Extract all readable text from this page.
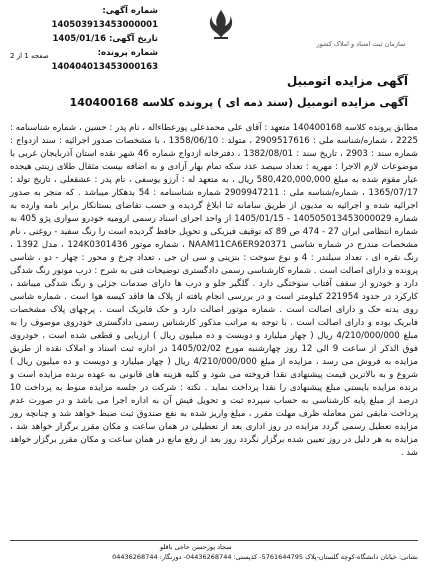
شماره آگهی: 140503913453000001
تاریخ آگهی: 1405/01/16
شماره پرونده: 140404013453000163
صفحه 1 از 2
سازمان ثبت اسناد و املاک کشور
آگهی مزایده اتومبیل
آگهی مزایده اتومبیل (سند ذمه ای ) پرونده کلاسه 140400168
مطابق پرونده کلاسه 140400168 متعهد : آقای علی محمدعلی پورعطاءاله ، نام پدر : حسین ، شماره شناسنامه : 2225 ، شماره/شناسه ملی : 2909517616 ، متولد : 1358/06/10 ، با مشخصات صدور اجرائیه : سند ازدواج : شماره سند : 2903 ، تاریخ سند : 1382/08/01 ، دفترخانه ازدواج شماره 46 شهر نقده استان آذربایجان غربی با موضوعات لازم الاجرا : مهریه : تعداد سیصد عدد سکه تمام بهار آزادی و به اضافه بیست مثقال طلای زینتی هیجده عیار مقوم شده به مبلغ 580,420,000,000 ریال ، به متعهد له : آرزو یوسفی ، نام پدر : عشقعلی ، تاریخ تولد : 1365/07/17 ، شماره/شناسه ملی : 2909947211 شماره شناسنامه : 54 بدهکار میباشد . که منجر به صدور اجرائیه شده و اجرائیه به مدیون از طریق سامانه ثنا ابلاغ گردیده و حسب تقاضای بستانکار برابر نامه وارده به شماره 140505013453000029 - 1405/01/15 از واحد اجرای اسناد رسمی ارومیه خودرو سواری پژو 405 به شماره انتظامی ایران 27 - 474 ص 89 که توقیف فیزیکی و تحویل حافظ گردیده است را رنگ سفید - روغنی ، نام مشخصات مندرج در شماره شاسی NAAM11CA6ER920371 ، شماره موتور 124K0301436 ، مدل 1392 ، رنگ نقره ای ، تعداد سیلندر : 4 و نوع سوخت : بنزینی و سی ان جی ، تعداد چرخ و محور : چهار - دو ، شاسی پرونده و دارای اصالت است . شماره کارشناسی رسمی دادگستری توضیحات فنی به شرح : درب موتور رنگ شدگی دارد و خودرو از سقف آفتاب سوختگی دارد . گلگیر جلو و درب ها دارای صدمات جزئی و رنگ شدگی میباشد ، کارکرد در حدود 221954 کیلومتر است و در بررسی انجام یافته از پلاک ها فاقد کیسه هوا است . شماره شاسی روی بدنه حک و دارای اصالت است . شماره موتور اصالت دارد و حک فابریک است . پرچهای پلاک مشخصات فابریک بوده و دارای اصالت است . با توجه به مراتب مذکور کارشناس رسمی دادگستری خودروی موصوف را به مبلغ 4/210/000/000 ریال ( چهار میلیارد و دویست و ده میلیون ریال ) ارزیابی و قطعی شده است ، خودروی فوق الذکر از ساعت 9 الی 12 روز چهارشنبه مورخ 1405/02/02 در اداره ثبت اسناد و املاک نقده از طریق مزایده به فروش می رسد ، مزایده از مبلغ 4/210/000/000 ریال ( چهار میلیارد و دویست و ده میلیون ریال ) شروع و به بالاترین قیمت پیشنهادی نقدا فروخته می شود و کلیه هزینه های قانونی به عهده برنده مزایده است و برنده مزایده بایستی مبلغ پیشنهادی را نقدا پرداخت نماید . نکته : شرکت در جلسه مزایده منوط به پرداخت 10 درصد از مبلغ پایه کارشناسی به حساب سپرده ثبت و تحویل فیش آن به اداره اجرا می باشد و در صورت عدم پرداخت مابقی ثمن معامله ظرف مهلت مقرر ، مبلغ واریز شده به نفع صندوق ثبت ضبط خواهد شد و چنانچه روز مزایده تعطیل رسمی گردد مزایده در روز اداری بعد از تعطیلی در همان ساعت و مکان مقرر برگزار خواهد شد ، مزایده به هر دلیل در روز تعیین شده برگزار نگردد روز بعد از رفع مانع در همان ساعت و مکان مقرر برگزار خواهد شد .
سجاد پورحسن حاجی باقلو
نشانی: خیابان دانشگاه-کوچه گلستان-پلاک 5761644795- کدپستی: 04436268744- دورنگار: 04436268744
